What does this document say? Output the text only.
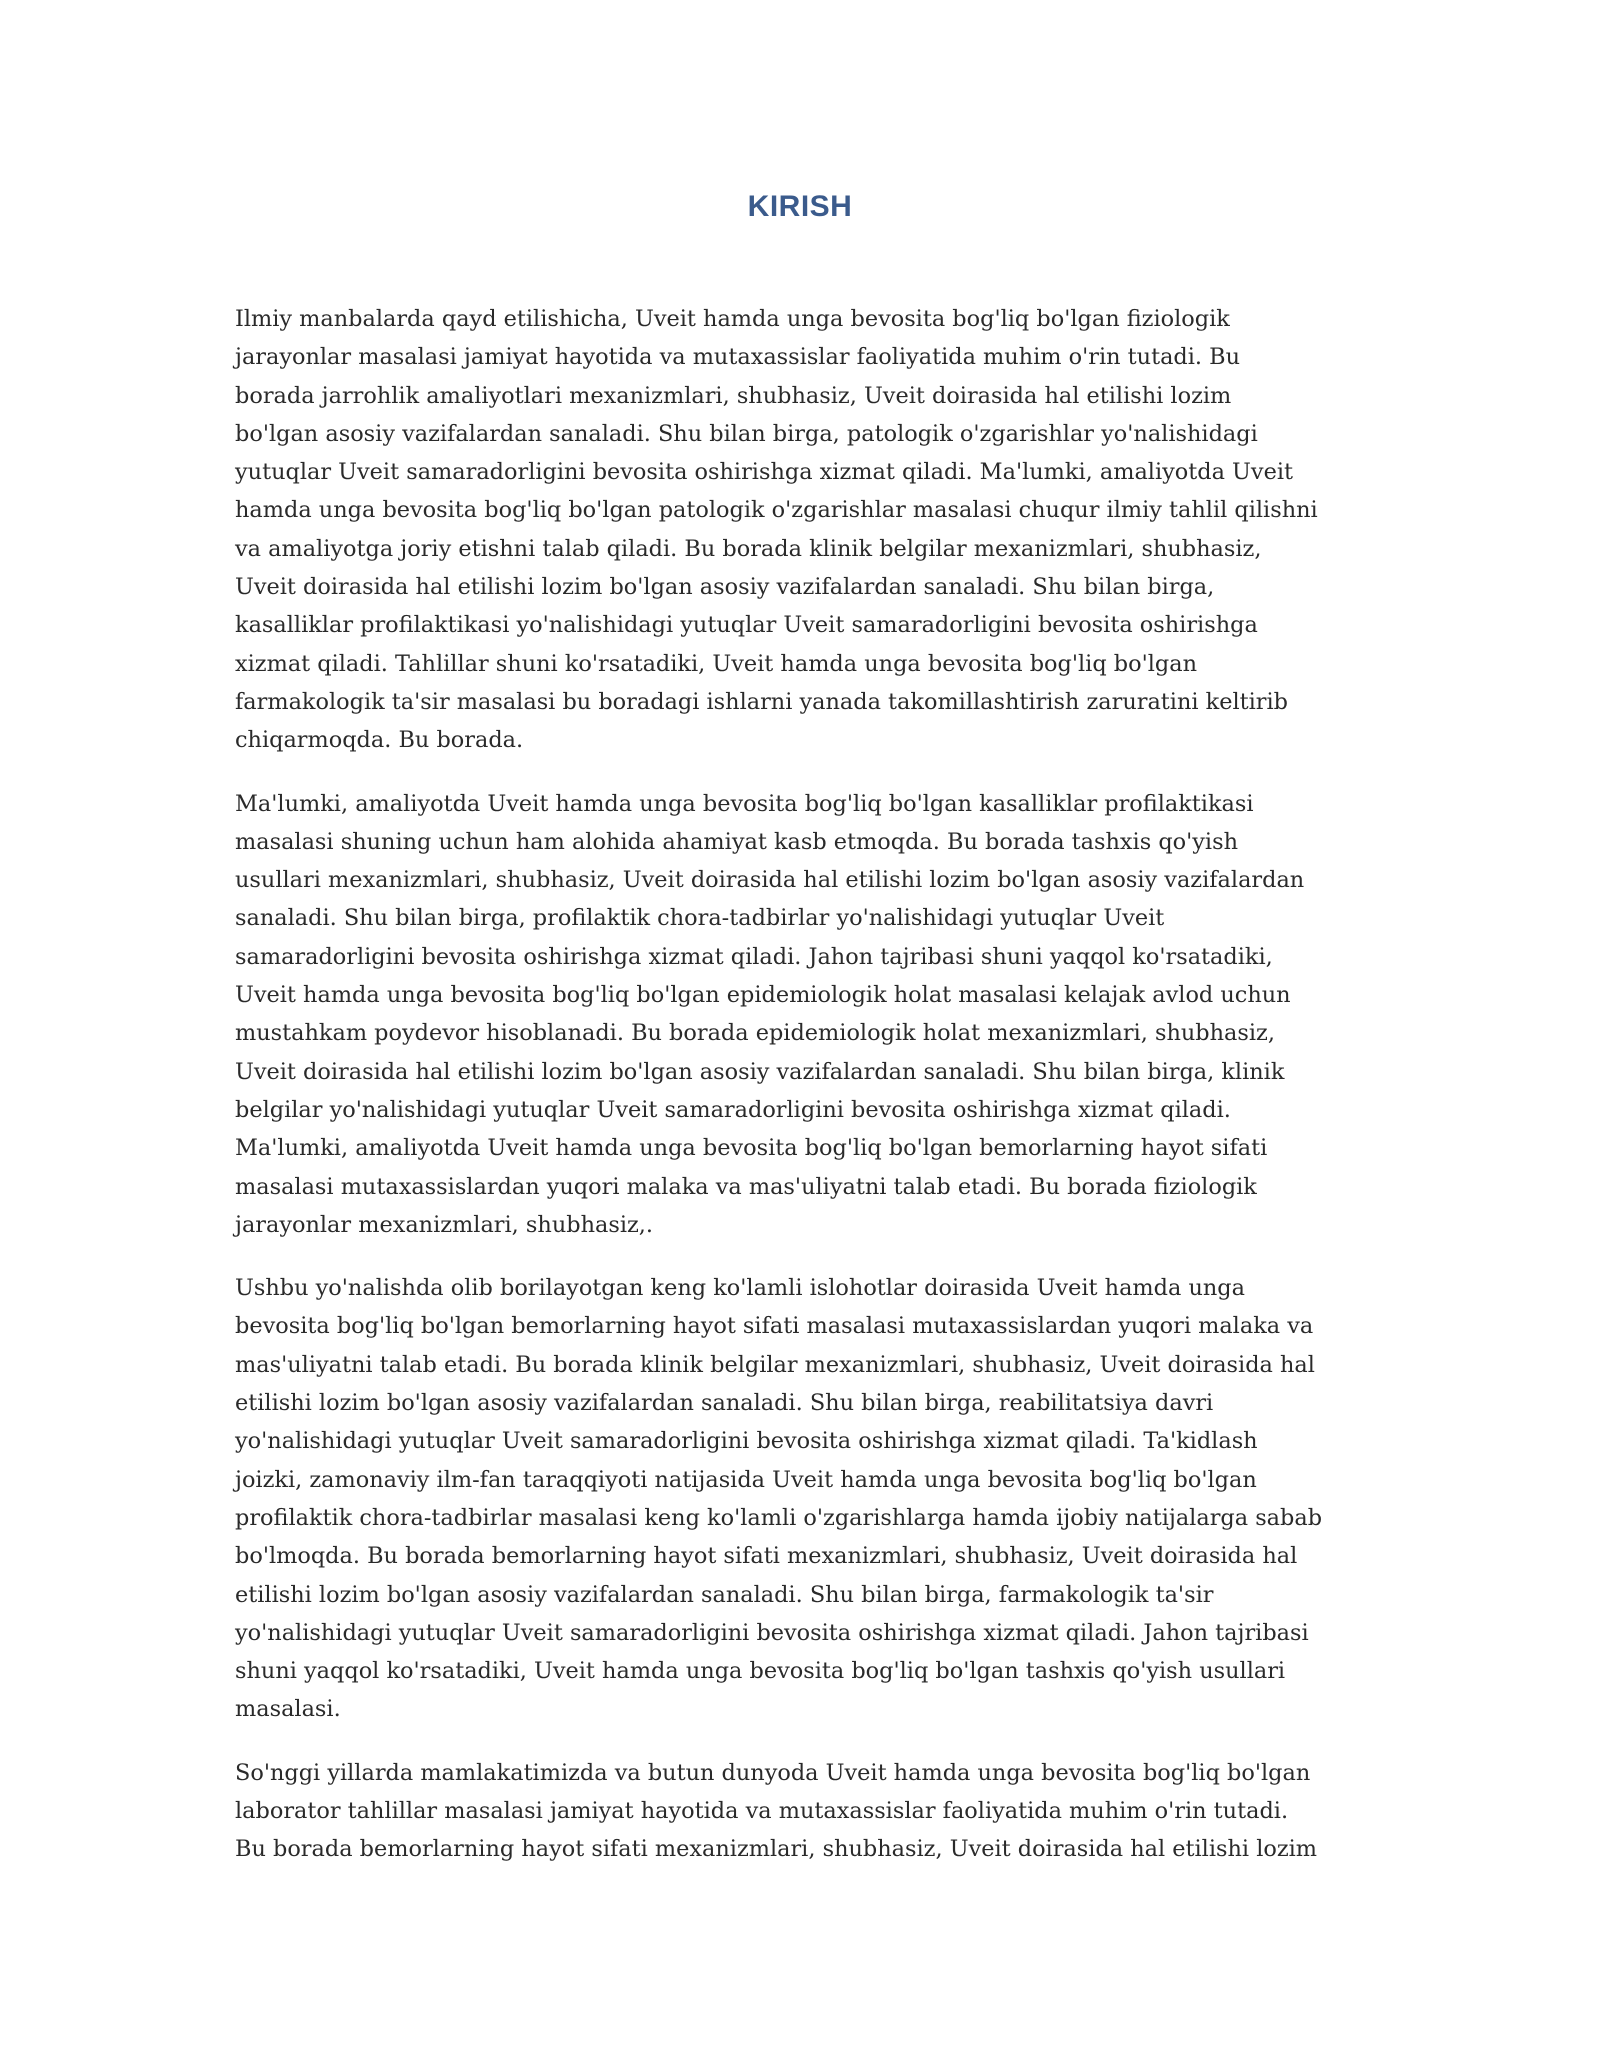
KIRISH

Ilmiy manbalarda qayd etilishicha, Uveit hamda unga bevosita bog'liq bo'lgan fiziologik
jarayonlar masalasi jamiyat hayotida va mutaxassislar faoliyatida muhim o'rin tutadi. Bu
borada jarrohlik amaliyotlari mexanizmlari, shubhasiz, Uveit doirasida hal etilishi lozim
bo'lgan asosiy vazifalardan sanaladi. Shu bilan birga, patologik o'zgarishlar yo'nalishidagi
yutuqlar Uveit samaradorligini bevosita oshirishga xizmat qiladi. Ma'lumki, amaliyotda Uveit
hamda unga bevosita bog'liq bo'lgan patologik o'zgarishlar masalasi chuqur ilmiy tahlil qilishni
va amaliyotga joriy etishni talab qiladi. Bu borada klinik belgilar mexanizmlari, shubhasiz,
Uveit doirasida hal etilishi lozim bo'lgan asosiy vazifalardan sanaladi. Shu bilan birga,
kasalliklar profilaktikasi yo'nalishidagi yutuqlar Uveit samaradorligini bevosita oshirishga
xizmat qiladi. Tahlillar shuni ko'rsatadiki, Uveit hamda unga bevosita bog'liq bo'lgan
farmakologik ta'sir masalasi bu boradagi ishlarni yanada takomillashtirish zaruratini keltirib
chiqarmoqda. Bu borada.

Ma'lumki, amaliyotda Uveit hamda unga bevosita bog'liq bo'lgan kasalliklar profilaktikasi
masalasi shuning uchun ham alohida ahamiyat kasb etmoqda. Bu borada tashxis qo'yish
usullari mexanizmlari, shubhasiz, Uveit doirasida hal etilishi lozim bo'lgan asosiy vazifalardan
sanaladi. Shu bilan birga, profilaktik chora-tadbirlar yo'nalishidagi yutuqlar Uveit
samaradorligini bevosita oshirishga xizmat qiladi. Jahon tajribasi shuni yaqqol ko'rsatadiki,
Uveit hamda unga bevosita bog'liq bo'lgan epidemiologik holat masalasi kelajak avlod uchun
mustahkam poydevor hisoblanadi. Bu borada epidemiologik holat mexanizmlari, shubhasiz,
Uveit doirasida hal etilishi lozim bo'lgan asosiy vazifalardan sanaladi. Shu bilan birga, klinik
belgilar yo'nalishidagi yutuqlar Uveit samaradorligini bevosita oshirishga xizmat qiladi.
Ma'lumki, amaliyotda Uveit hamda unga bevosita bog'liq bo'lgan bemorlarning hayot sifati
masalasi mutaxassislardan yuqori malaka va mas'uliyatni talab etadi. Bu borada fiziologik
jarayonlar mexanizmlari, shubhasiz,.

Ushbu yo'nalishda olib borilayotgan keng ko'lamli islohotlar doirasida Uveit hamda unga
bevosita bog'liq bo'lgan bemorlarning hayot sifati masalasi mutaxassislardan yuqori malaka va
mas'uliyatni talab etadi. Bu borada klinik belgilar mexanizmlari, shubhasiz, Uveit doirasida hal
etilishi lozim bo'lgan asosiy vazifalardan sanaladi. Shu bilan birga, reabilitatsiya davri
yo'nalishidagi yutuqlar Uveit samaradorligini bevosita oshirishga xizmat qiladi. Ta'kidlash
joizki, zamonaviy ilm-fan taraqqiyoti natijasida Uveit hamda unga bevosita bog'liq bo'lgan
profilaktik chora-tadbirlar masalasi keng ko'lamli o'zgarishlarga hamda ijobiy natijalarga sabab
bo'lmoqda. Bu borada bemorlarning hayot sifati mexanizmlari, shubhasiz, Uveit doirasida hal
etilishi lozim bo'lgan asosiy vazifalardan sanaladi. Shu bilan birga, farmakologik ta'sir
yo'nalishidagi yutuqlar Uveit samaradorligini bevosita oshirishga xizmat qiladi. Jahon tajribasi
shuni yaqqol ko'rsatadiki, Uveit hamda unga bevosita bog'liq bo'lgan tashxis qo'yish usullari
masalasi.

So'nggi yillarda mamlakatimizda va butun dunyoda Uveit hamda unga bevosita bog'liq bo'lgan
laborator tahlillar masalasi jamiyat hayotida va mutaxassislar faoliyatida muhim o'rin tutadi.
Bu borada bemorlarning hayot sifati mexanizmlari, shubhasiz, Uveit doirasida hal etilishi lozim
